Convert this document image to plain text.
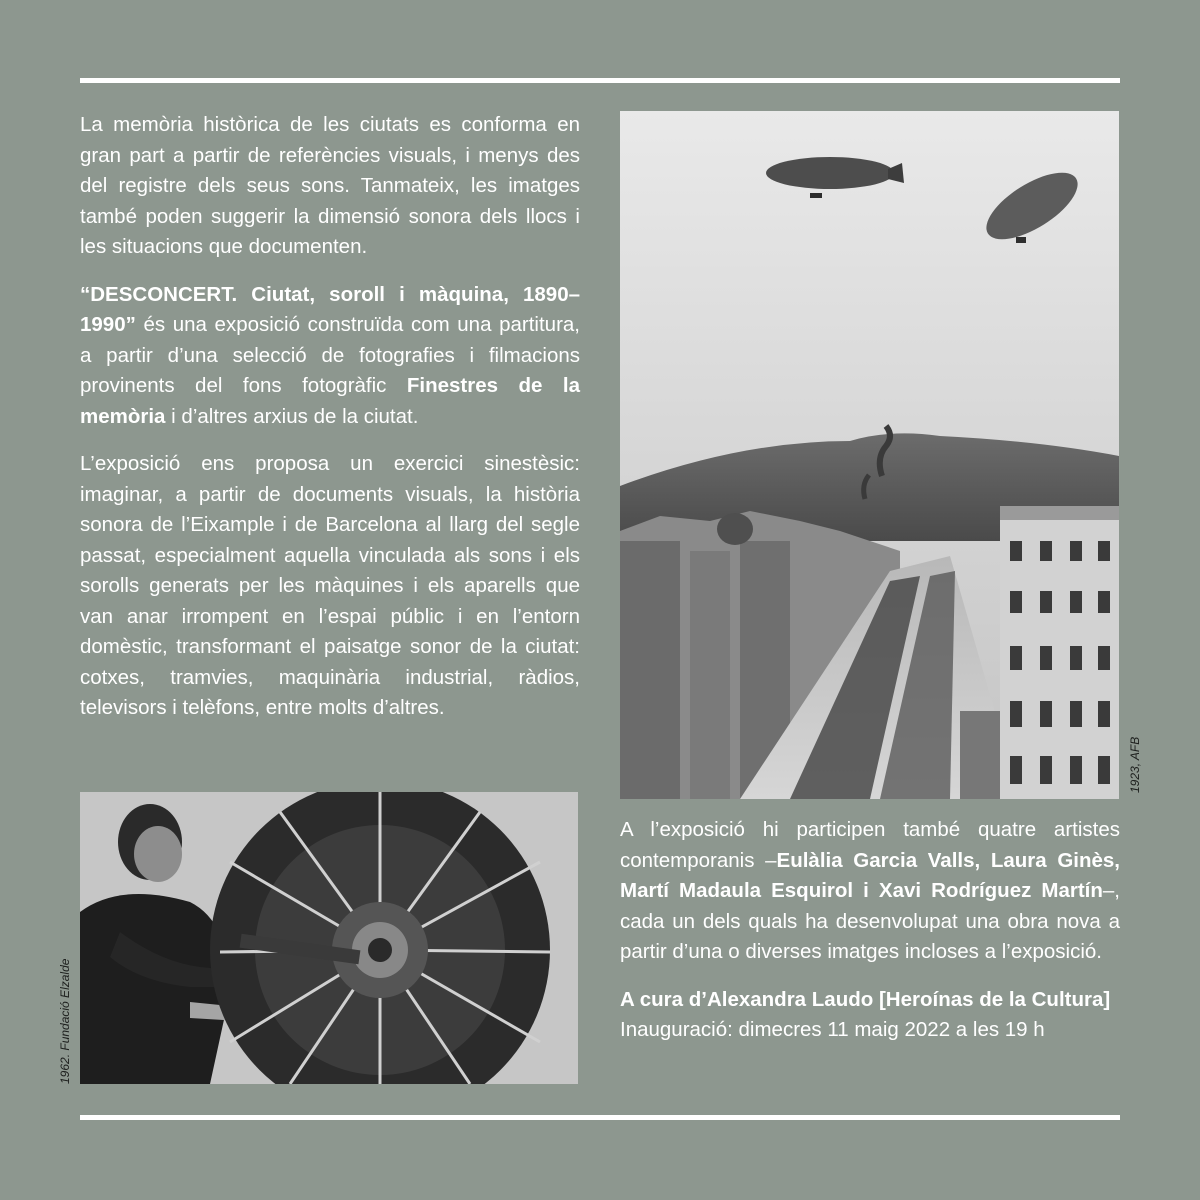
La memòria històrica de les ciutats es conforma en gran part a partir de referències visuals, i menys des del registre dels seus sons. Tanmateix, les imatges també poden suggerir la dimensió sonora dels llocs i les situacions que documenten.

“DESCONCERT. Ciutat, soroll i màquina, 1890–1990” és una exposició construïda com una partitura, a partir d’una selecció de fotografies i filmacions provinents del fons fotogràfic Finestres de la memòria i d’altres arxius de la ciutat.

L’exposició ens proposa un exercici sinestèsic: imaginar, a partir de documents visuals, la història sonora de l’Eixample i de Barcelona al llarg del segle passat, especialment aquella vinculada als sons i els sorolls generats per les màquines i els aparells que van anar irrompent en l’espai públic i en l’entorn domèstic, transformant el paisatge sonor de la ciutat: cotxes, tramvies, maquinària industrial, ràdios, televisors i telèfons, entre molts d’altres.

1923, AFB
1962. Fundació Elzalde

A l’exposició hi participen també quatre artistes contemporanis –Eulàlia Garcia Valls, Laura Ginès, Martí Madaula Esquirol i Xavi Rodríguez Martín–, cada un dels quals ha desenvolupat una obra nova a partir d’una o diverses imatges incloses a l’exposició.

A cura d’Alexandra Laudo [Heroínas de la Cultura]
Inauguració: dimecres 11 maig 2022 a les 19 h
